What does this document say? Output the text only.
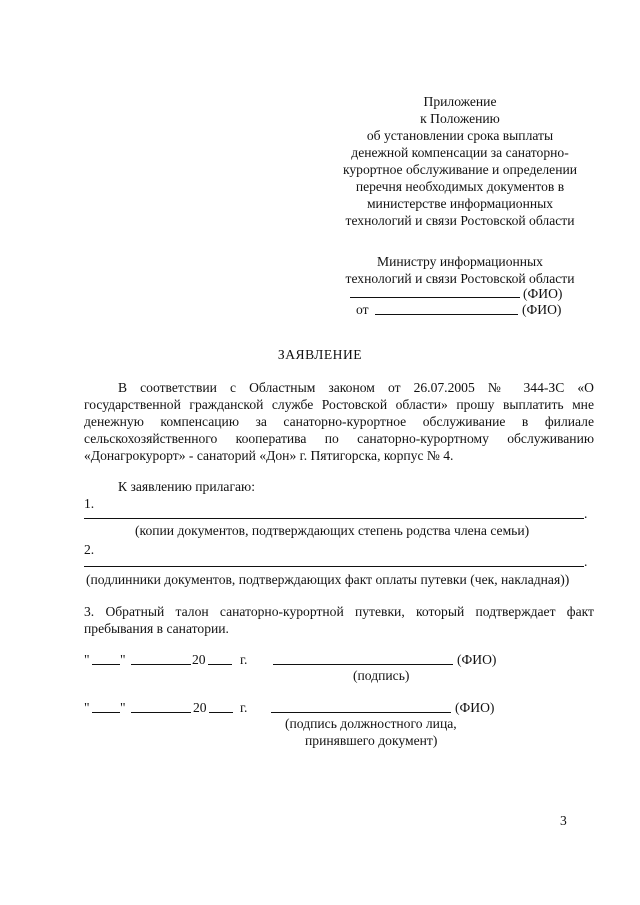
Приложение
к Положению
об установлении срока выплаты
денежной компенсации за санаторно-
курортное обслуживание и определении
перечня необходимых документов в
министерстве информационных
технологий и связи Ростовской области
Министру информационных
технологий и связи Ростовской области
(ФИО)
от	(ФИО)
ЗАЯВЛЕНИЕ
В соответствии с Областным законом от 26.07.2005 № 344-ЗС «О
государственной гражданской службе Ростовской области» прошу выплатить мне
денежную компенсацию за санаторно-курортное обслуживание в филиале
сельскохозяйственного кооператива по санаторно-курортному обслуживанию
«Донагрокурорт» - санаторий «Дон» г. Пятигорска, корпус № 4.
К заявлению прилагаю:
1.
.
(копии документов, подтверждающих степень родства члена семьи)
2.
.
(подлинники документов, подтверждающих факт оплаты путевки (чек, накладная))
3. Обратный талон санаторно-курортной путевки, который подтверждает факт
пребывания в санатории.
" "	20	г.	(ФИО)
(подпись)
" "	20 г.	(ФИО)
(подпись должностного лица,
принявшего документ)
3
